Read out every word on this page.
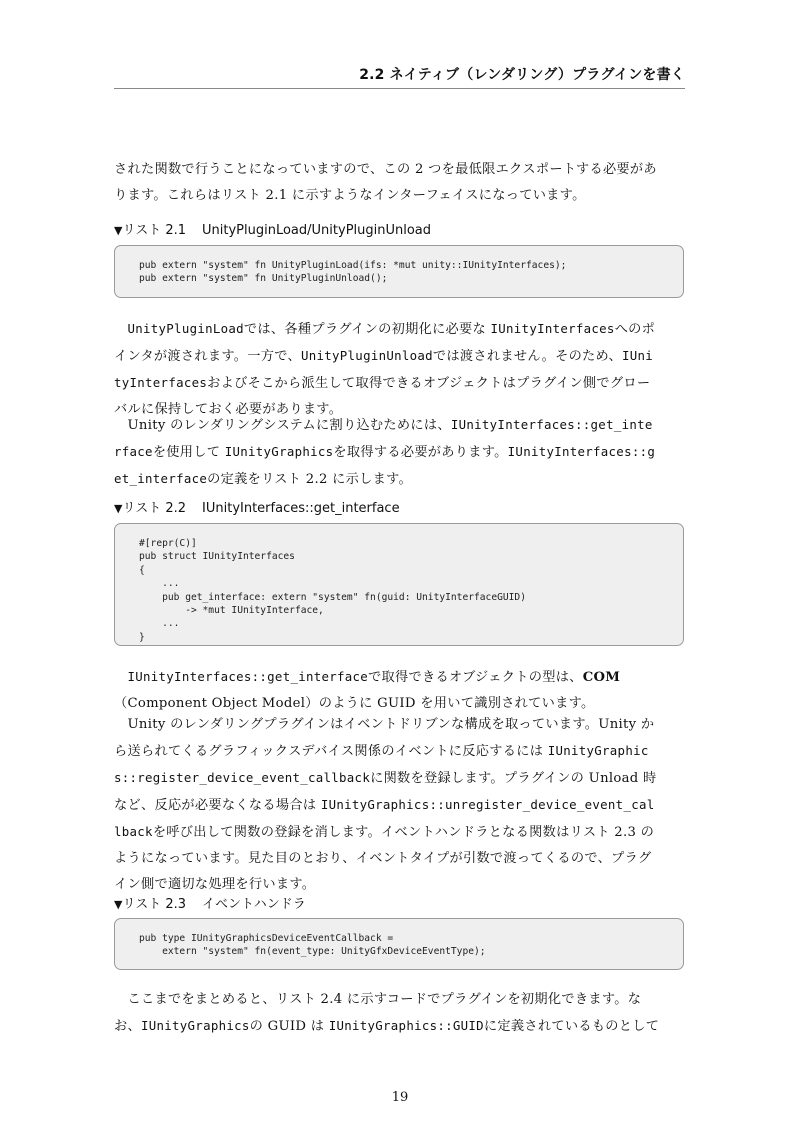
2.2 ネイティブ（レンダリング）プラグインを書く

された関数で行うことになっていますので、この 2 つを最低限エクスポートする必要があ
ります。これらはリスト 2.1 に示すようなインターフェイスになっています。

▼リスト 2.1 UnityPluginLoad/UnityPluginUnload
pub extern "system" fn UnityPluginLoad(ifs: *mut unity::IUnityInterfaces);
pub extern "system" fn UnityPluginUnload();

　UnityPluginLoadでは、各種プラグインの初期化に必要な IUnityInterfacesへのポ
インタが渡されます。一方で、UnityPluginUnloadでは渡されません。そのため、IUni
tyInterfacesおよびそこから派生して取得できるオブジェクトはプラグイン側でグロー
バルに保持しておく必要があります。

　Unity のレンダリングシステムに割り込むためには、IUnityInterfaces::get_inte
rfaceを使用して IUnityGraphicsを取得する必要があります。IUnityInterfaces::g
et_interfaceの定義をリスト 2.2 に示します。

▼リスト 2.2 IUnityInterfaces::get_interface
#[repr(C)]
pub struct IUnityInterfaces
{
...
pub get_interface: extern "system" fn(guid: UnityInterfaceGUID)
-> *mut IUnityInterface,
...
}

　IUnityInterfaces::get_interfaceで取得できるオブジェクトの型は、COM
（Component Object Model）のように GUID を用いて識別されています。

　Unity のレンダリングプラグインはイベントドリブンな構成を取っています。Unity か
ら送られてくるグラフィックスデバイス関係のイベントに反応するには IUnityGraphic
s::register_device_event_callbackに関数を登録します。プラグインの Unload 時
など、反応が必要なくなる場合は IUnityGraphics::unregister_device_event_cal
lbackを呼び出して関数の登録を消します。イベントハンドラとなる関数はリスト 2.3 の
ようになっています。見た目のとおり、イベントタイプが引数で渡ってくるので、プラグ
イン側で適切な処理を行います。

▼リスト 2.3 イベントハンドラ
pub type IUnityGraphicsDeviceEventCallback =
extern "system" fn(event_type: UnityGfxDeviceEventType);

　ここまでをまとめると、リスト 2.4 に示すコードでプラグインを初期化できます。な
お、IUnityGraphicsの GUID は IUnityGraphics::GUIDに定義されているものとして

19
